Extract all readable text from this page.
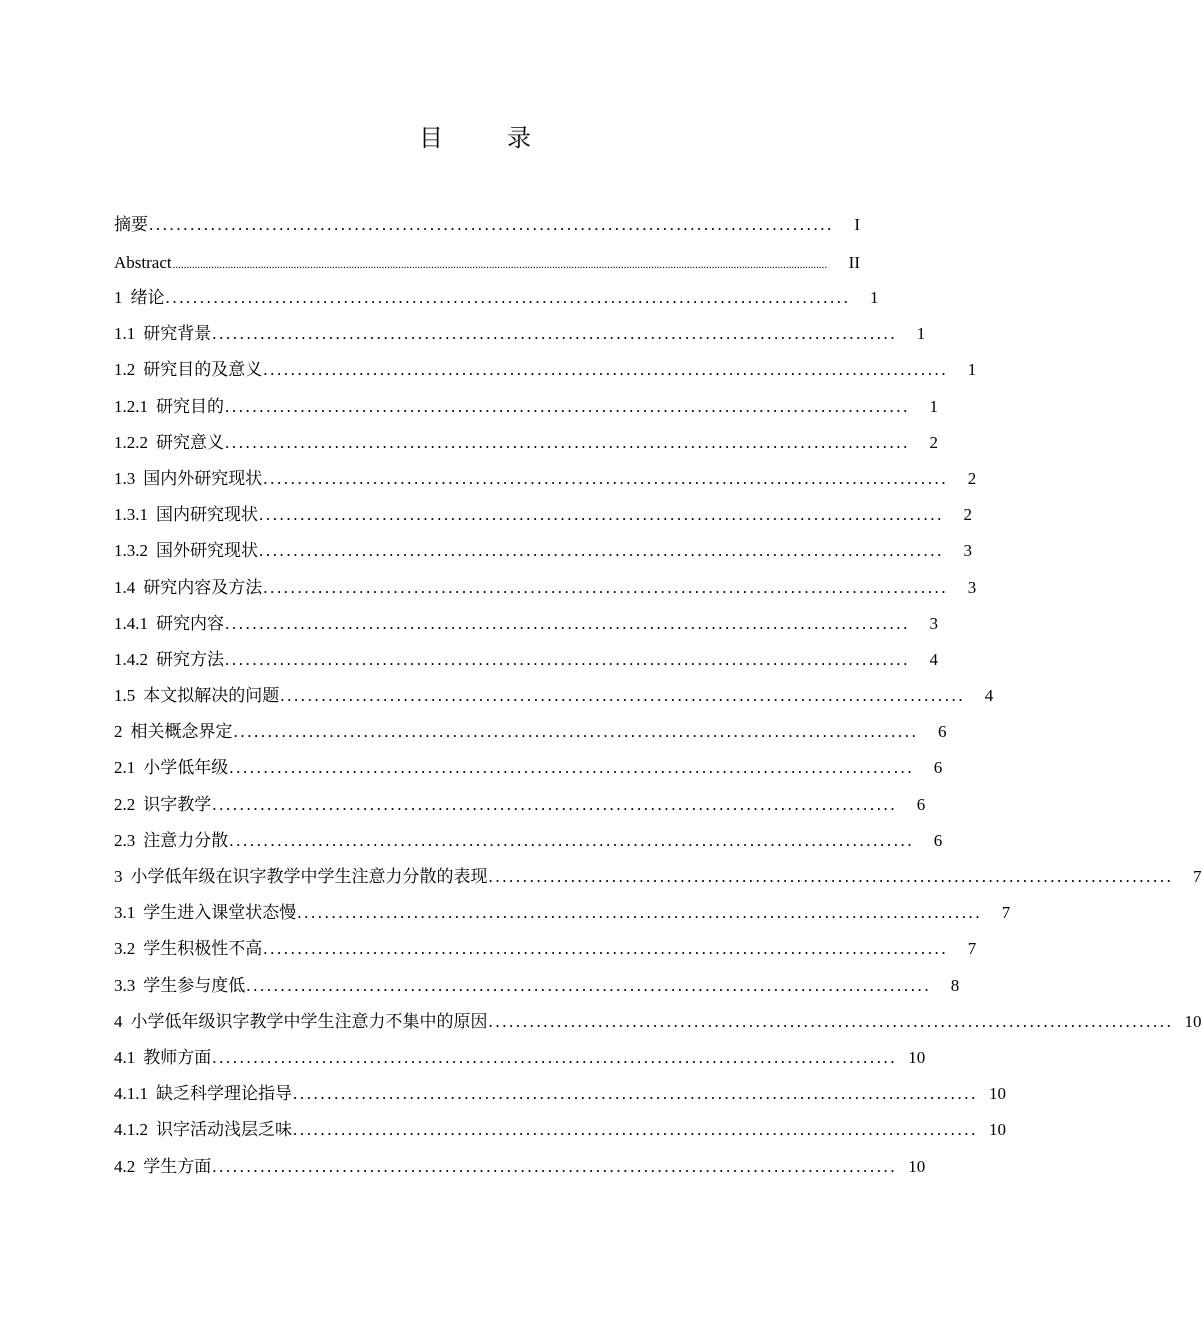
目　录
摘要 ....................................................................................................	I
Abstract ..............................................................................................................................................................................................................................................	II
1 绪论 ....................................................................................................	1
1.1 研究背景 ....................................................................................................	1
1.2 研究目的及意义 ....................................................................................................	1
1.2.1 研究目的 ....................................................................................................	1
1.2.2 研究意义 ....................................................................................................	2
1.3 国内外研究现状 ....................................................................................................	2
1.3.1 国内研究现状 ....................................................................................................	2
1.3.2 国外研究现状 ....................................................................................................	3
1.4 研究内容及方法 ....................................................................................................	3
1.4.1 研究内容 ....................................................................................................	3
1.4.2 研究方法 ....................................................................................................	4
1.5 本文拟解决的问题 ....................................................................................................	4
2 相关概念界定 ....................................................................................................	6
2.1 小学低年级 ....................................................................................................	6
2.2 识字教学 ....................................................................................................	6
2.3 注意力分散 ....................................................................................................	6
3 小学低年级在识字教学中学生注意力分散的表现 ....................................................................................................	7
3.1 学生进入课堂状态慢 ....................................................................................................	7
3.2 学生积极性不高 ....................................................................................................	7
3.3 学生参与度低 ....................................................................................................	8
4 小学低年级识字教学中学生注意力不集中的原因 .................................................................................................... 10
4.1 教师方面 .................................................................................................... 10
4.1.1 缺乏科学理论指导 .................................................................................................... 10
4.1.2 识字活动浅层乏味 .................................................................................................... 10
4.2 学生方面 .................................................................................................... 10
